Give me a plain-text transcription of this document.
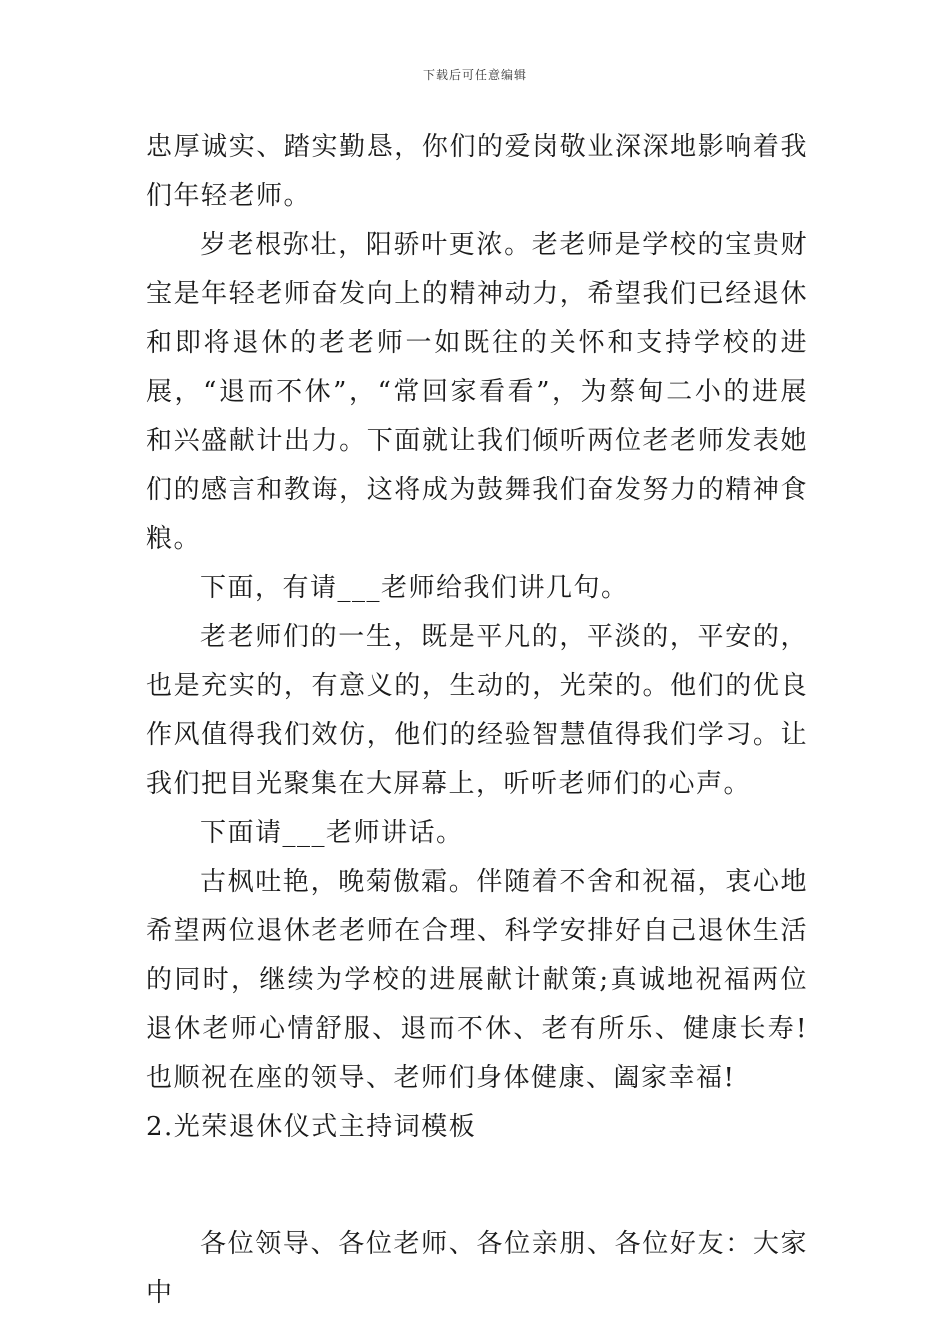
下载后可任意编辑

忠厚诚实、踏实勤恳，你们的爱岗敬业深深地影响着我们年轻老师。

岁老根弥壮，阳骄叶更浓。老老师是学校的宝贵财宝是年轻老师奋发向上的精神动力，希望我们已经退休和即将退休的老老师一如既往的关怀和支持学校的进展，“退而不休”，“常回家看看”，为蔡甸二小的进展和兴盛献计出力。下面就让我们倾听两位老老师发表她们的感言和教诲，这将成为鼓舞我们奋发努力的精神食粮。

下面，有请___老师给我们讲几句。

老老师们的一生，既是平凡的，平淡的，平安的，也是充实的，有意义的，生动的，光荣的。他们的优良作风值得我们效仿，他们的经验智慧值得我们学习。让我们把目光聚集在大屏幕上，听听老师们的心声。

下面请___老师讲话。

古枫吐艳，晚菊傲霜。伴随着不舍和祝福，衷心地希望两位退休老老师在合理、科学安排好自己退休生活的同时，继续为学校的进展献计献策;真诚地祝福两位退休老师心情舒服、退而不休、老有所乐、健康长寿!也顺祝在座的领导、老师们身体健康、阖家幸福!

2.光荣退休仪式主持词模板

各位领导、各位老师、各位亲朋、各位好友：大家中
